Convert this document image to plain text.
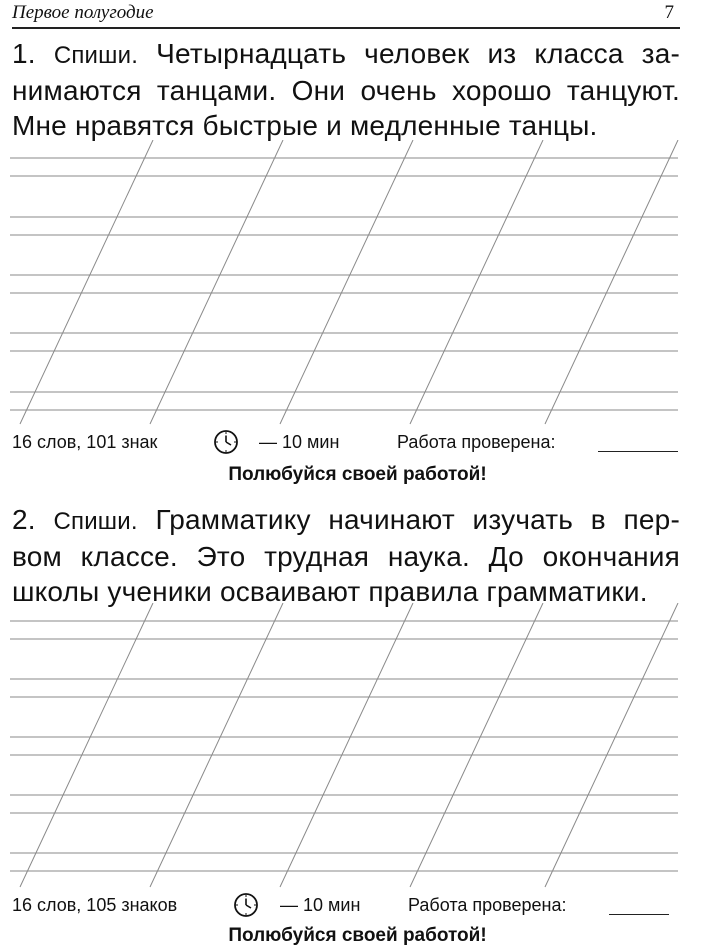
Первое полугодие	7
1. Спиши. Четырнадцать человек из класса за-
нимаются танцами. Они очень хорошо танцуют.
Мне нравятся быстрые и медленные танцы.
16 слов, 101 знак	— 10 мин	Работа проверена:
Полюбуйся своей работой!
2. Спиши. Грамматику начинают изучать в пер-
вом классе. Это трудная наука. До окончания
школы ученики осваивают правила грамматики.
16 слов, 105 знаков	— 10 мин	Работа проверена:
Полюбуйся своей работой!
